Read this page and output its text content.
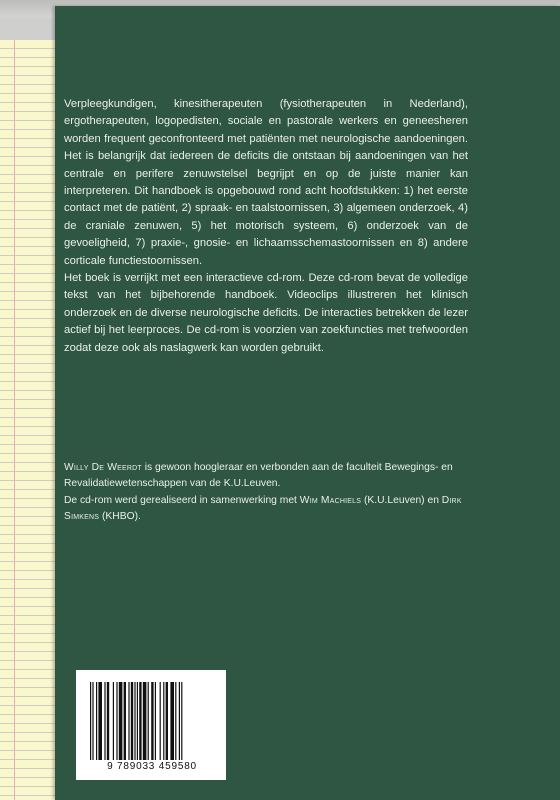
Verpleegkundigen, kinesitherapeuten (fysiotherapeuten in Nederland), ergotherapeuten, logopedisten, sociale en pastorale werkers en geneesheren worden frequent geconfronteerd met patiënten met neurologische aandoeningen. Het is belangrijk dat iedereen de deficits die ontstaan bij aandoeningen van het centrale en perifere zenuwstelsel begrijpt en op de juiste manier kan interpreteren. Dit handboek is opgebouwd rond acht hoofdstukken: 1) het eerste contact met de patiënt, 2) spraak- en taalstoornissen, 3) algemeen onderzoek, 4) de craniale zenuwen, 5) het motorisch systeem, 6) onderzoek van de gevoeligheid, 7) praxie-, gnosie- en lichaamsschemastoornissen en 8) andere corticale functiestoornissen.

Het boek is verrijkt met een interactieve cd-rom. Deze cd-rom bevat de volledige tekst van het bijbehorende handboek. Videoclips illustreren het klinisch onderzoek en de diverse neurologische deficits. De interacties betrekken de lezer actief bij het leerproces. De cd-rom is voorzien van zoekfuncties met trefwoorden zodat deze ook als naslagwerk kan worden gebruikt.

Willy De Weerdt is gewoon hoogleraar en verbonden aan de faculteit Bewegings- en Revalidatiewetenschappen van de K.U.Leuven.

De cd-rom werd gerealiseerd in samenwerking met Wim Machiels (K.U.Leuven) en Dirk Simkens (KHBO).

9 789033 459580
